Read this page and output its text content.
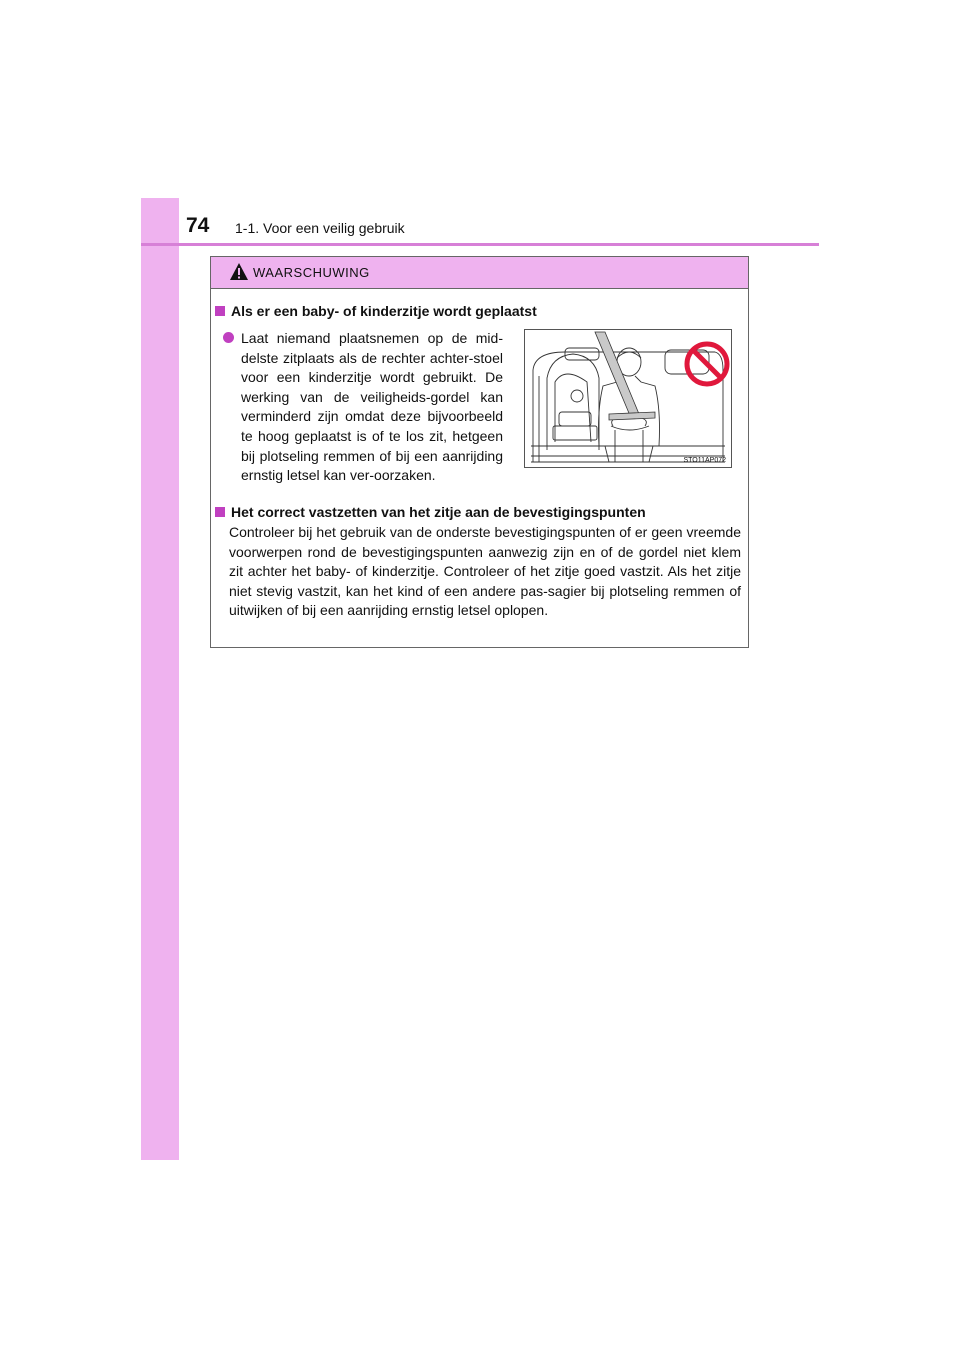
74 1-1. Voor een veilig gebruik
WAARSCHUWING
Als er een baby- of kinderzitje wordt geplaatst
Laat niemand plaatsnemen op de mid-delste zitplaats als de rechter achter-stoel voor een kinderzitje wordt gebruikt. De werking van de veiligheids-gordel kan verminderd zijn omdat deze bijvoorbeeld te hoog geplaatst is of te los zit, hetgeen bij plotseling remmen of bij een aanrijding ernstig letsel kan ver-oorzaken.
STO11AP072
Het correct vastzetten van het zitje aan de bevestigingspunten
Controleer bij het gebruik van de onderste bevestigingspunten of er geen vreemde voorwerpen rond de bevestigingspunten aanwezig zijn en of de gordel niet klem zit achter het baby- of kinderzitje. Controleer of het zitje goed vastzit. Als het zitje niet stevig vastzit, kan het kind of een andere pas-sagier bij plotseling remmen of uitwijken of bij een aanrijding ernstig letsel oplopen.
